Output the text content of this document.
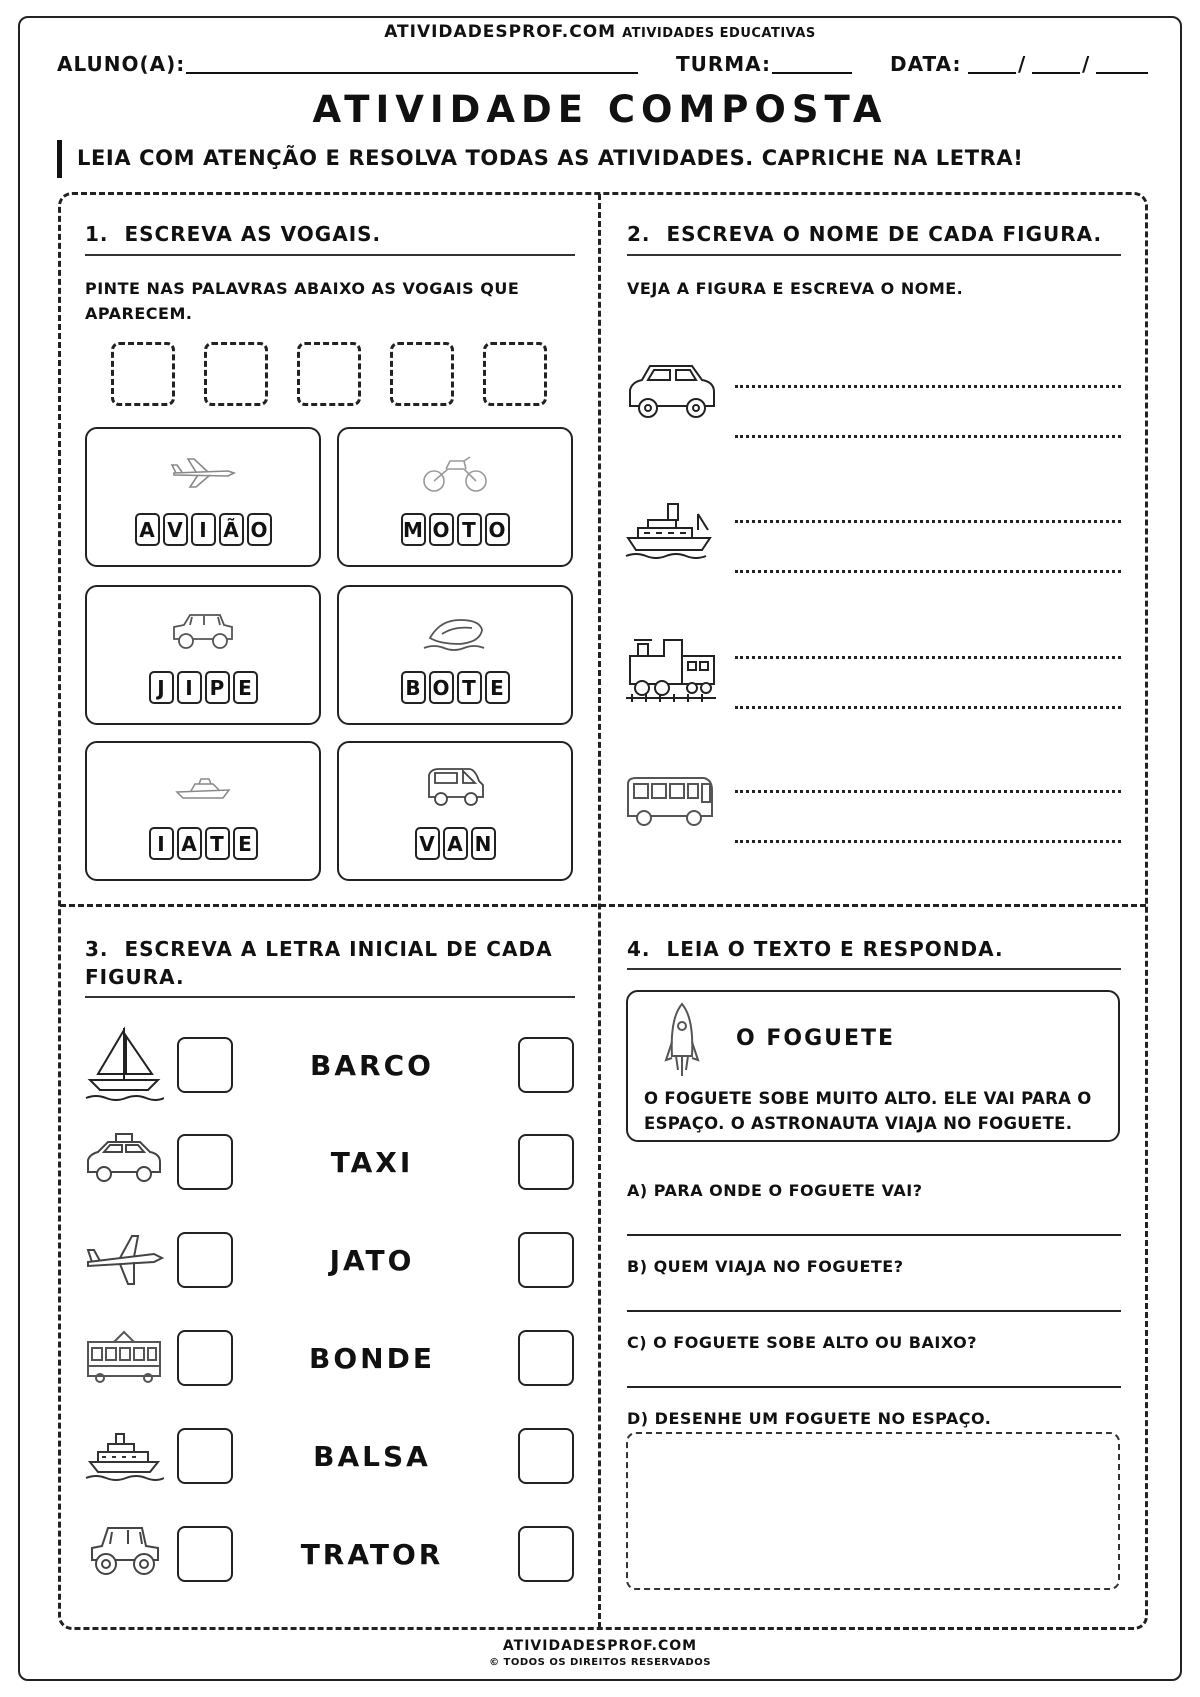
ATIVIDADESPROF.COM ATIVIDADES EDUCATIVAS
ALUNO(A):	TURMA:	DATA:	/	/
ATIVIDADE COMPOSTA
LEIA COM ATENÇÃO E RESOLVA TODAS AS ATIVIDADES. CAPRICHE NA LETRA!
1. ESCREVA AS VOGAIS.
PINTE NAS PALAVRAS ABAIXO AS VOGAIS QUE
APARECEM.
A V I Ã O	M O T O
J	I P E	B O T E
I A T E	V A N
2. ESCREVA O NOME DE CADA FIGURA.
VEJA A FIGURA E ESCREVA O NOME.
3. ESCREVA A LETRA INICIAL DE CADA
FIGURA.
BARCO
TAXI
JATO
BONDE
BALSA
TRATOR
4. LEIA O TEXTO E RESPONDA.
O FOGUETE
O FOGUETE SOBE MUITO ALTO. ELE VAI PARA O
ESPAÇO. O ASTRONAUTA VIAJA NO FOGUETE.
A) PARA ONDE O FOGUETE VAI?
B) QUEM VIAJA NO FOGUETE?
C) O FOGUETE SOBE ALTO OU BAIXO?
D) DESENHE UM FOGUETE NO ESPAÇO.
ATIVIDADESPROF.COM
© TODOS OS DIREITOS RESERVADOS
